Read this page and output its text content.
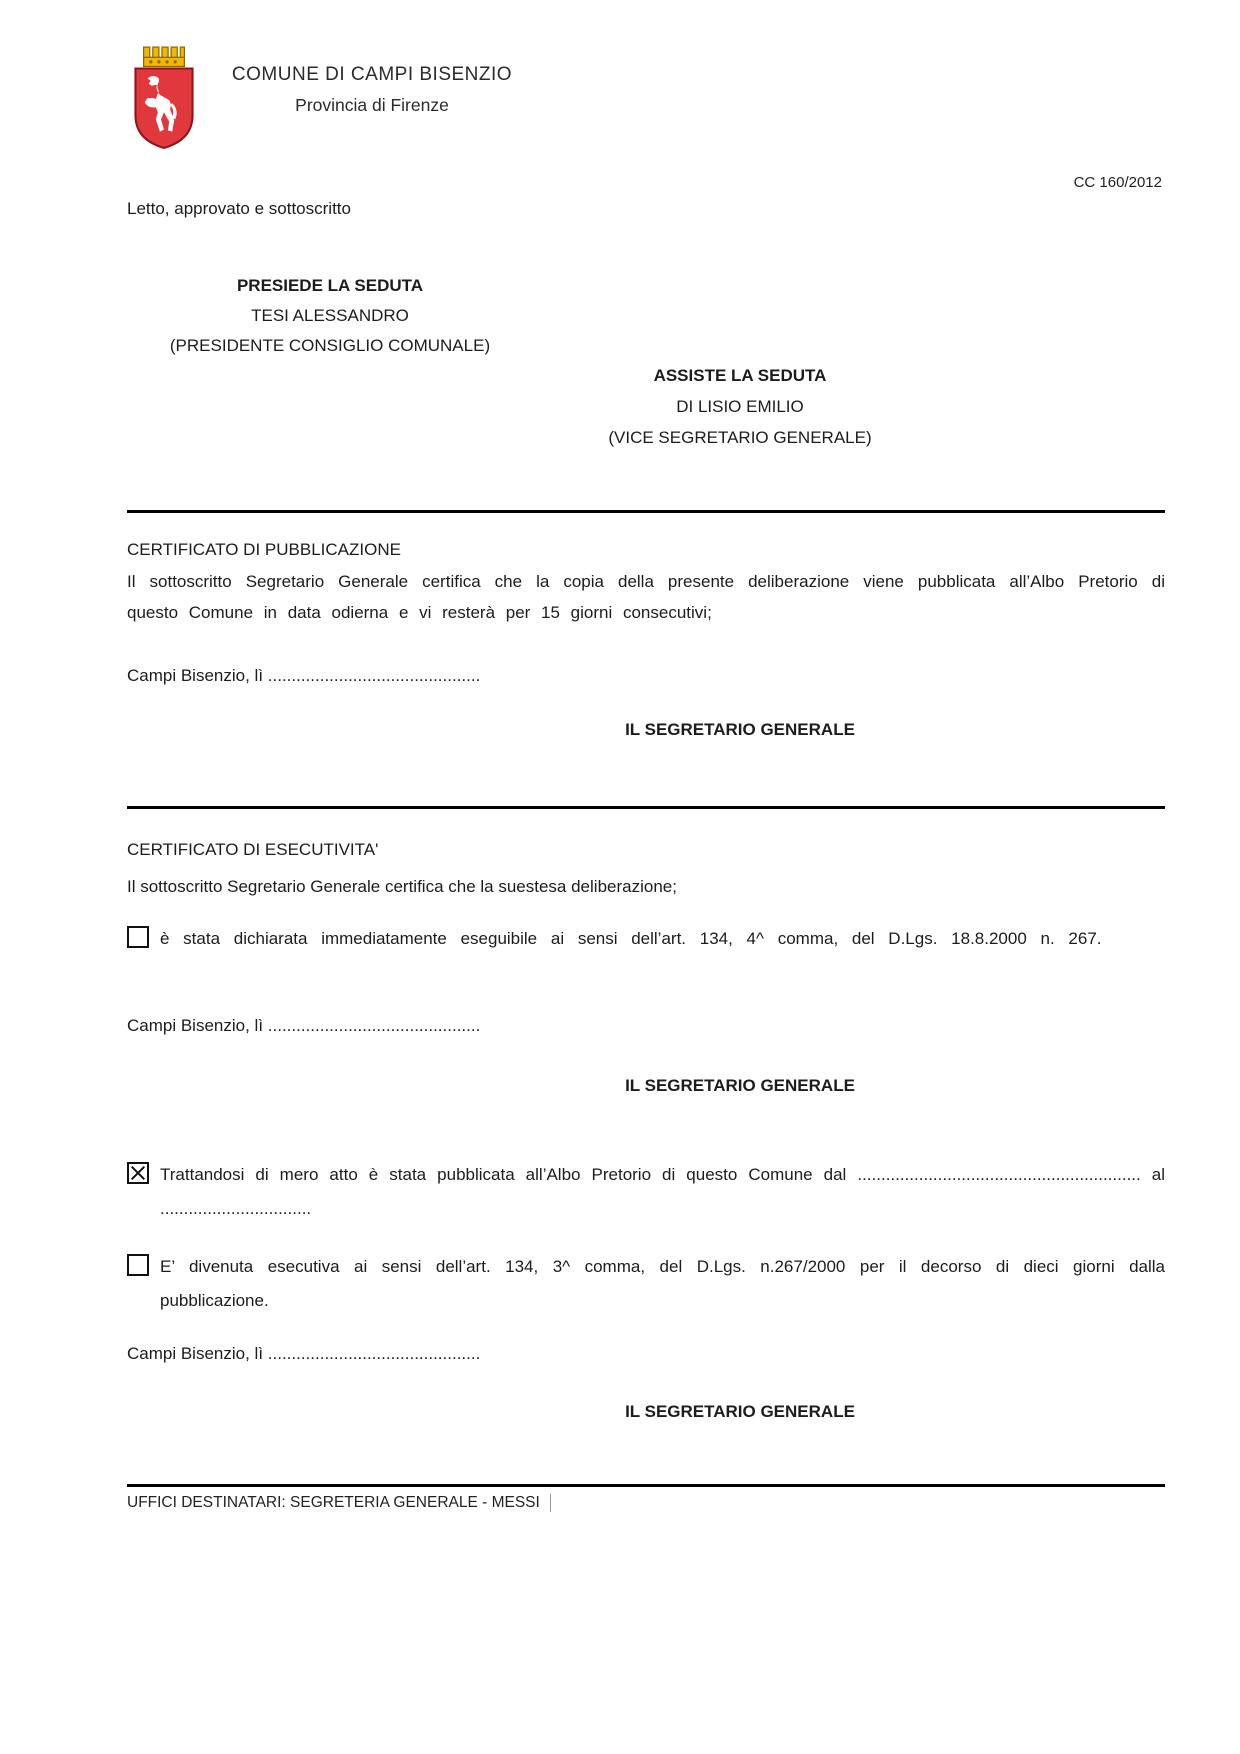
COMUNE DI CAMPI BISENZIO
Provincia di Firenze
CC 160/2012
Letto, approvato e sottoscritto
PRESIEDE LA SEDUTA
TESI ALESSANDRO
(PRESIDENTE CONSIGLIO COMUNALE)
ASSISTE LA SEDUTA
DI LISIO EMILIO
(VICE SEGRETARIO GENERALE)
CERTIFICATO DI PUBBLICAZIONE
Il sottoscritto Segretario Generale certifica che la copia della presente deliberazione viene pubblicata all’Albo Pretorio di questo Comune in data odierna e vi resterà per 15 giorni consecutivi;
Campi Bisenzio, lì .............................................
IL SEGRETARIO GENERALE
CERTIFICATO DI ESECUTIVITA'
Il sottoscritto Segretario Generale certifica che la suestesa deliberazione;
è stata dichiarata immediatamente eseguibile ai sensi dell’art. 134, 4^ comma, del D.Lgs. 18.8.2000 n. 267.
Campi Bisenzio, lì .............................................
IL SEGRETARIO GENERALE
Trattandosi di mero atto è stata pubblicata all’Albo Pretorio di questo Comune dal ............................................................ al ................................
E’ divenuta esecutiva ai sensi dell’art. 134, 3^ comma, del D.Lgs. n.267/2000 per il decorso di dieci giorni dalla pubblicazione.
Campi Bisenzio, lì .............................................
IL SEGRETARIO GENERALE
UFFICI DESTINATARI: SEGRETERIA GENERALE - MESSI
